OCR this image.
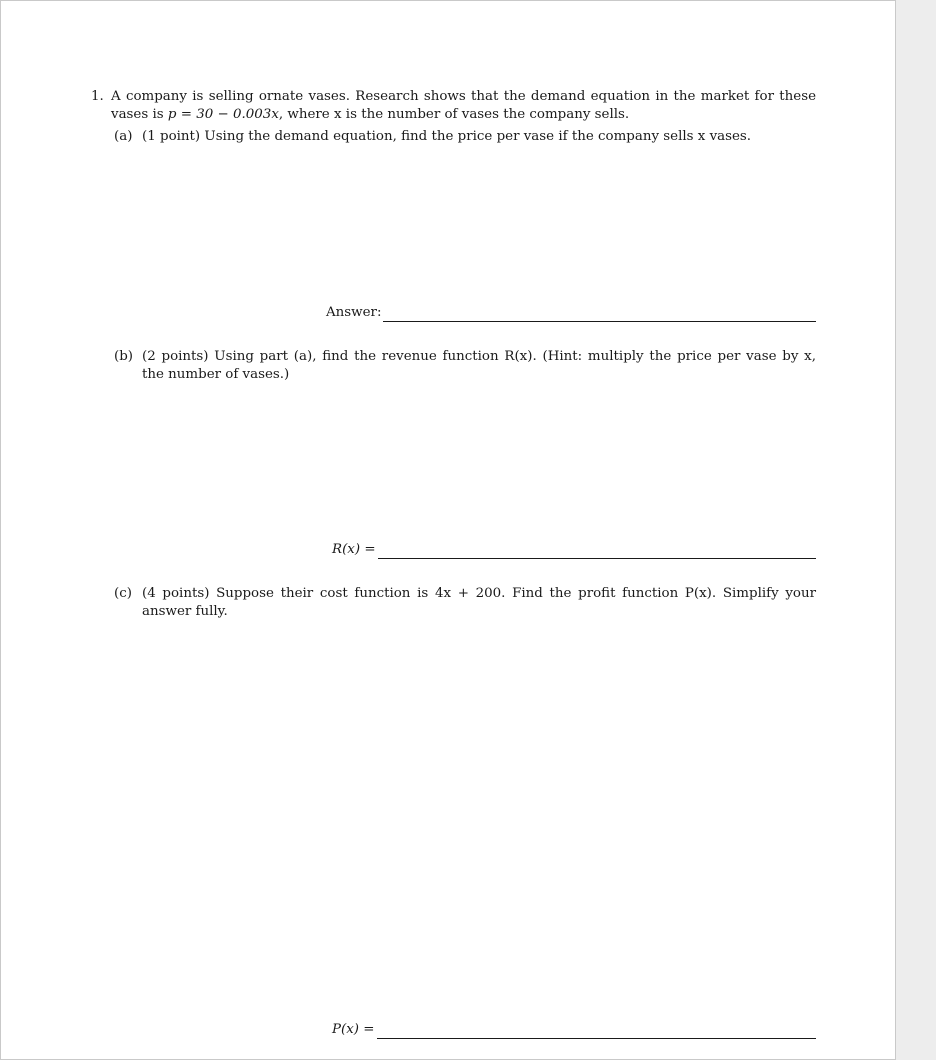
1. A company is selling ornate vases. Research shows that the demand equation in the market for these vases is p = 30 − 0.003x, where x is the number of vases the company sells.
(a) (1 point) Using the demand equation, find the price per vase if the company sells x vases.
Answer:
(b) (2 points) Using part (a), find the revenue function R(x). (Hint: multiply the price per vase by x, the number of vases.)
R(x) =
(c) (4 points) Suppose their cost function is 4x + 200. Find the profit function P(x). Simplify your answer fully.
P(x) =
